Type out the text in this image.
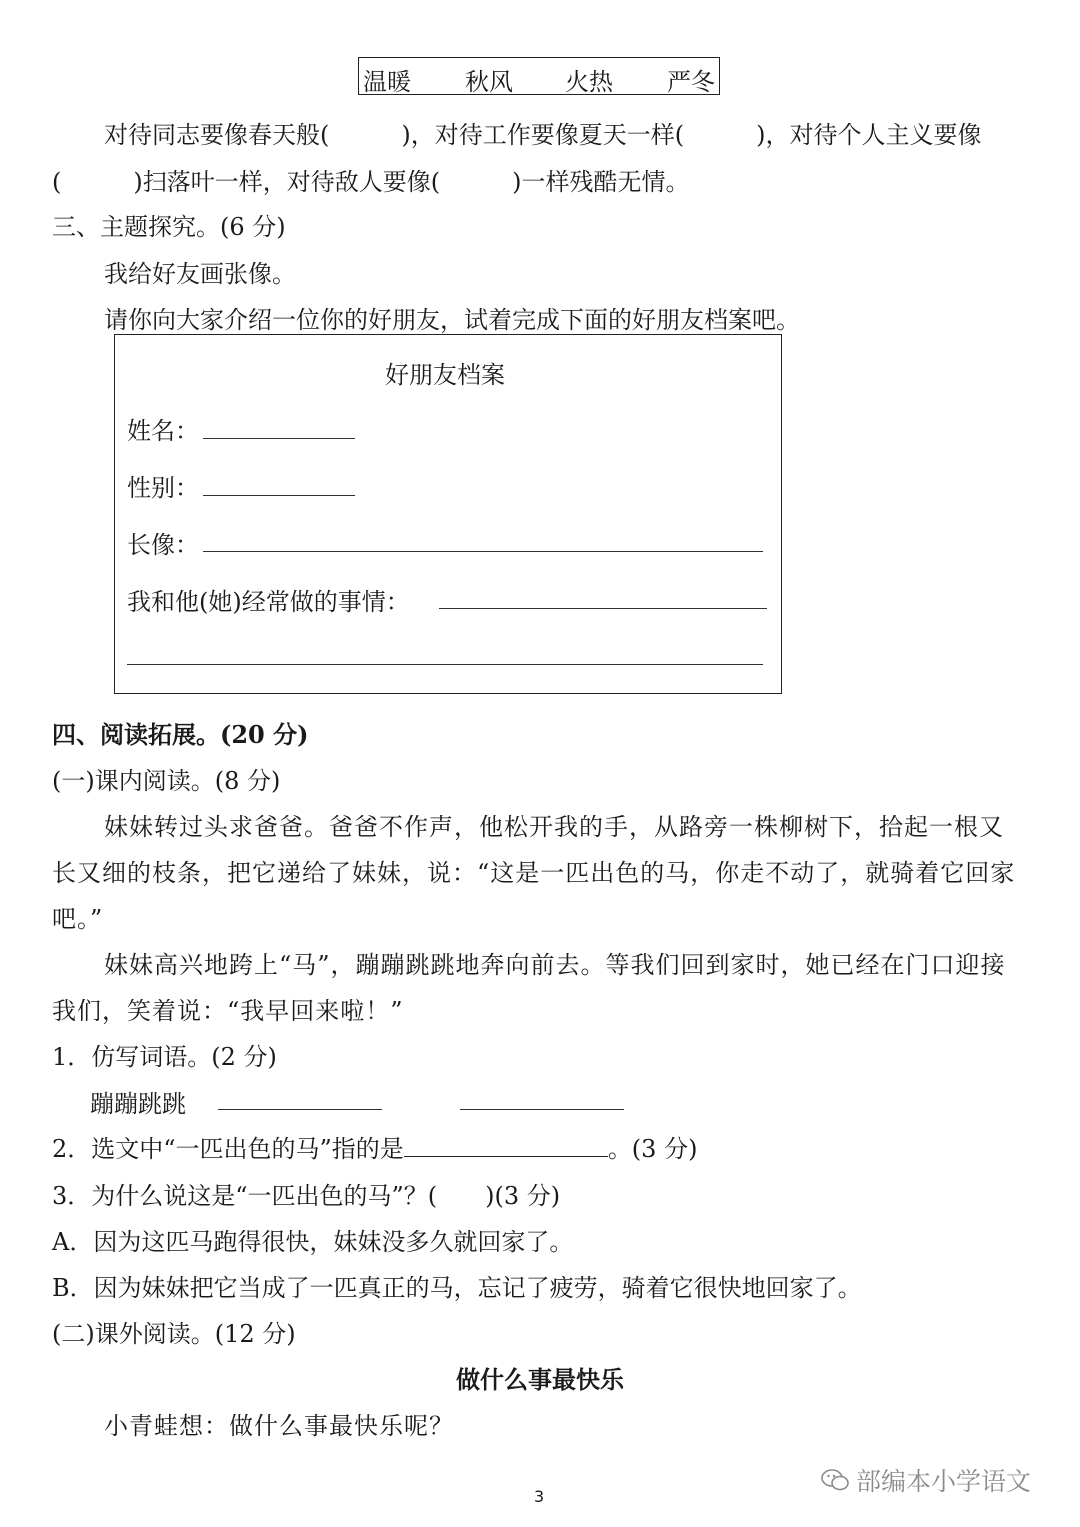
温暖 秋风 火热 严冬
对待同志要像春天般(　　　)，对待工作要像夏天一样(　　　)，对待个人主义要像
(　　　)扫落叶一样，对待敌人要像(　　　)一样残酷无情。
三、主题探究。(6 分)
我给好友画张像。
请你向大家介绍一位你的好朋友，试着完成下面的好朋友档案吧。
好朋友档案
姓名：
性别：
长像：
我和他(她)经常做的事情：
四、阅读拓展。(20 分)
(一)课内阅读。(8 分)
妹妹转过头求爸爸。爸爸不作声，他松开我的手，从路旁一株柳树下，拾起一根又
长又细的枝条，把它递给了妹妹，说：“这是一匹出色的马，你走不动了，就骑着它回家
吧。”
妹妹高兴地跨上“马”，蹦蹦跳跳地奔向前去。等我们回到家时，她已经在门口迎接
我们，笑着说：“我早回来啦！”
1．仿写词语。(2 分)
蹦蹦跳跳
2．选文中“一匹出色的马”指的是	。(3 分)
3．为什么说这是“一匹出色的马”？(　　)(3 分)
A．因为这匹马跑得很快，妹妹没多久就回家了。
B．因为妹妹把它当成了一匹真正的马，忘记了疲劳，骑着它很快地回家了。
(二)课外阅读。(12 分)
做什么事最快乐
小青蛙想：做什么事最快乐呢？
部编本小学语文
3
